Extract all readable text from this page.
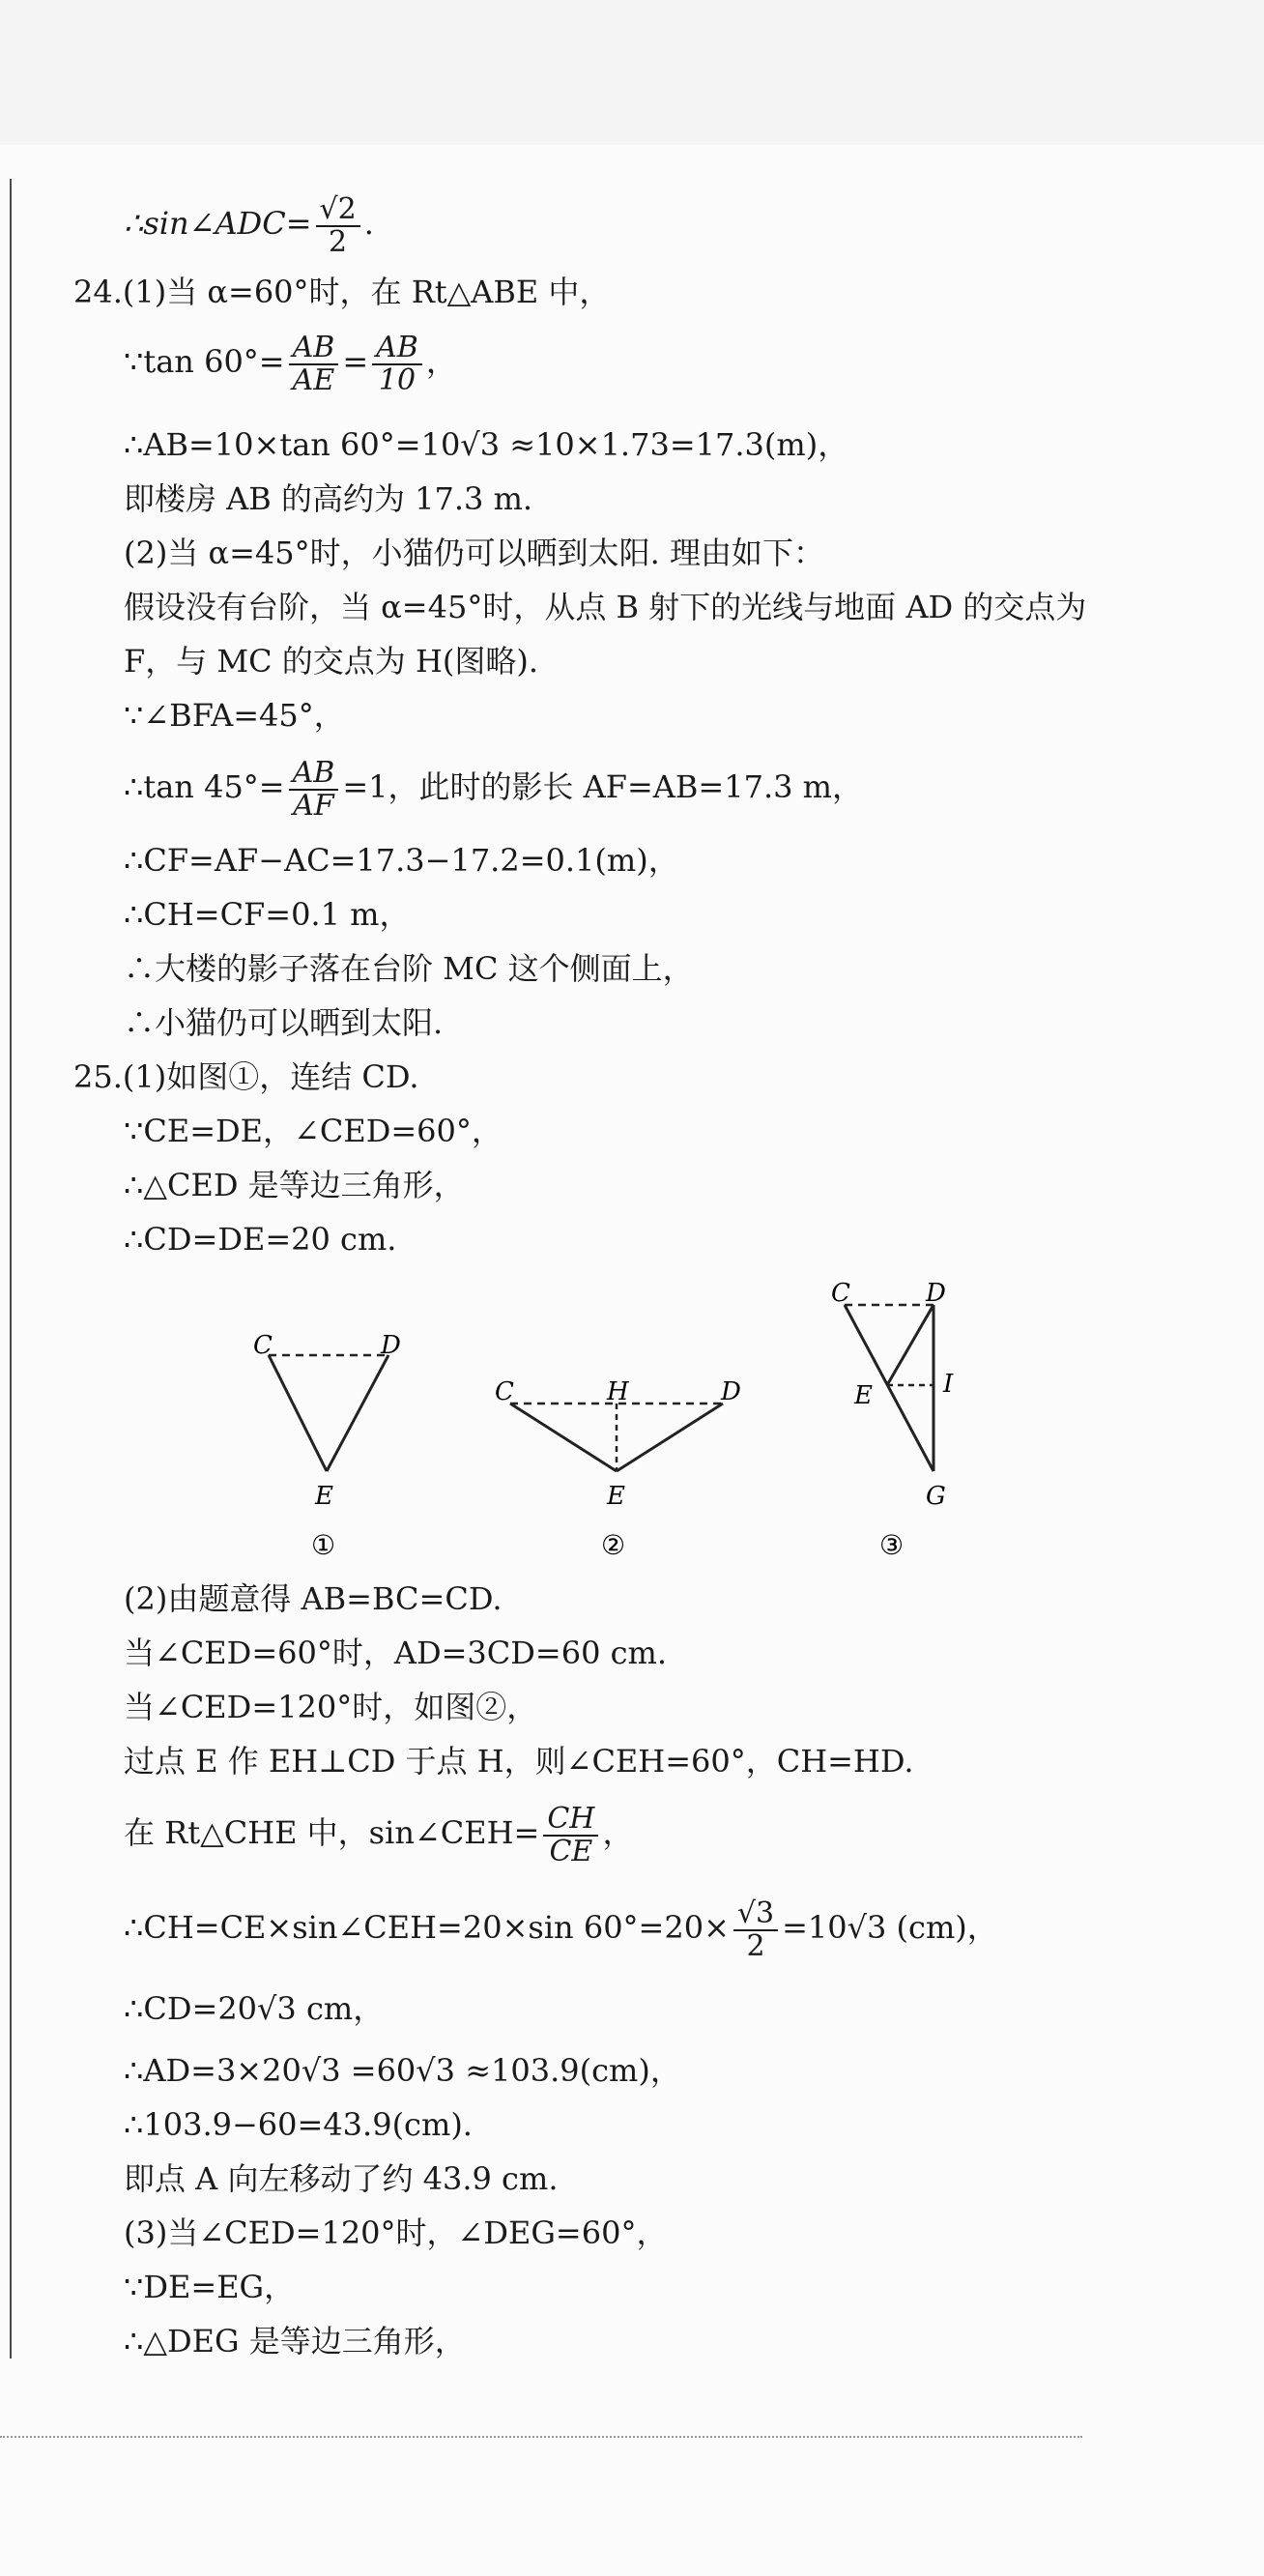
∴sin∠ADC= $\frac{√2}{2}$ .
24.(1)当 α=60°时，在 Rt△ABE 中，
∵tan $60^\circ= \frac{AB}{AE} = \frac{AB}{10}$ ，
∴AB=10×tan 60°=10√3 ≈10×1.73=17.3(m)，
即楼房 AB 的高约为 17.3 m.
(2)当 α=45°时，小猫仍可以晒到太阳. 理由如下：
假设没有台阶，当 α=45°时，从点 B 射下的光线与地面 AD 的交点为
F，与 MC 的交点为 H(图略).
∵∠BFA=45°，
∴tan $45^\circ= \frac{AB}{AF} =1$，此时的影长 AF=AB=17.3 m，
∴CF=AF−AC=17.3−17.2=0.1(m)，
∴CH=CF=0.1 m，
∴大楼的影子落在台阶 MC 这个侧面上，
∴小猫仍可以晒到太阳.
25.(1)如图①，连结 CD.
∵CE=DE，∠CED=60°，
∴△CED 是等边三角形，
∴CD=DE=20 cm.
C	D
E
①
C	H	D
E
②
C	D
E	I
G
③
(2)由题意得 AB=BC=CD.
当∠CED=60°时，AD=3CD=60 cm.
当∠CED=120°时，如图②，
过点 E 作 EH⊥CD 于点 H，则∠CEH=60°，CH=HD.
在 Rt△CHE 中，sin∠CEH= $\frac{CH}{CE}$ ，
∴CH=CE×sin∠CEH=20×sin $60^\circ=20\times \frac{√3}{2} =10√3$ (cm)，
∴CD=20√3 cm，
∴AD=3×20√3 =60√3 ≈103.9(cm)，
∴103.9−60=43.9(cm).
即点 A 向左移动了约 43.9 cm.
(3)当∠CED=120°时，∠DEG=60°，
∵DE=EG，
∴△DEG 是等边三角形，
